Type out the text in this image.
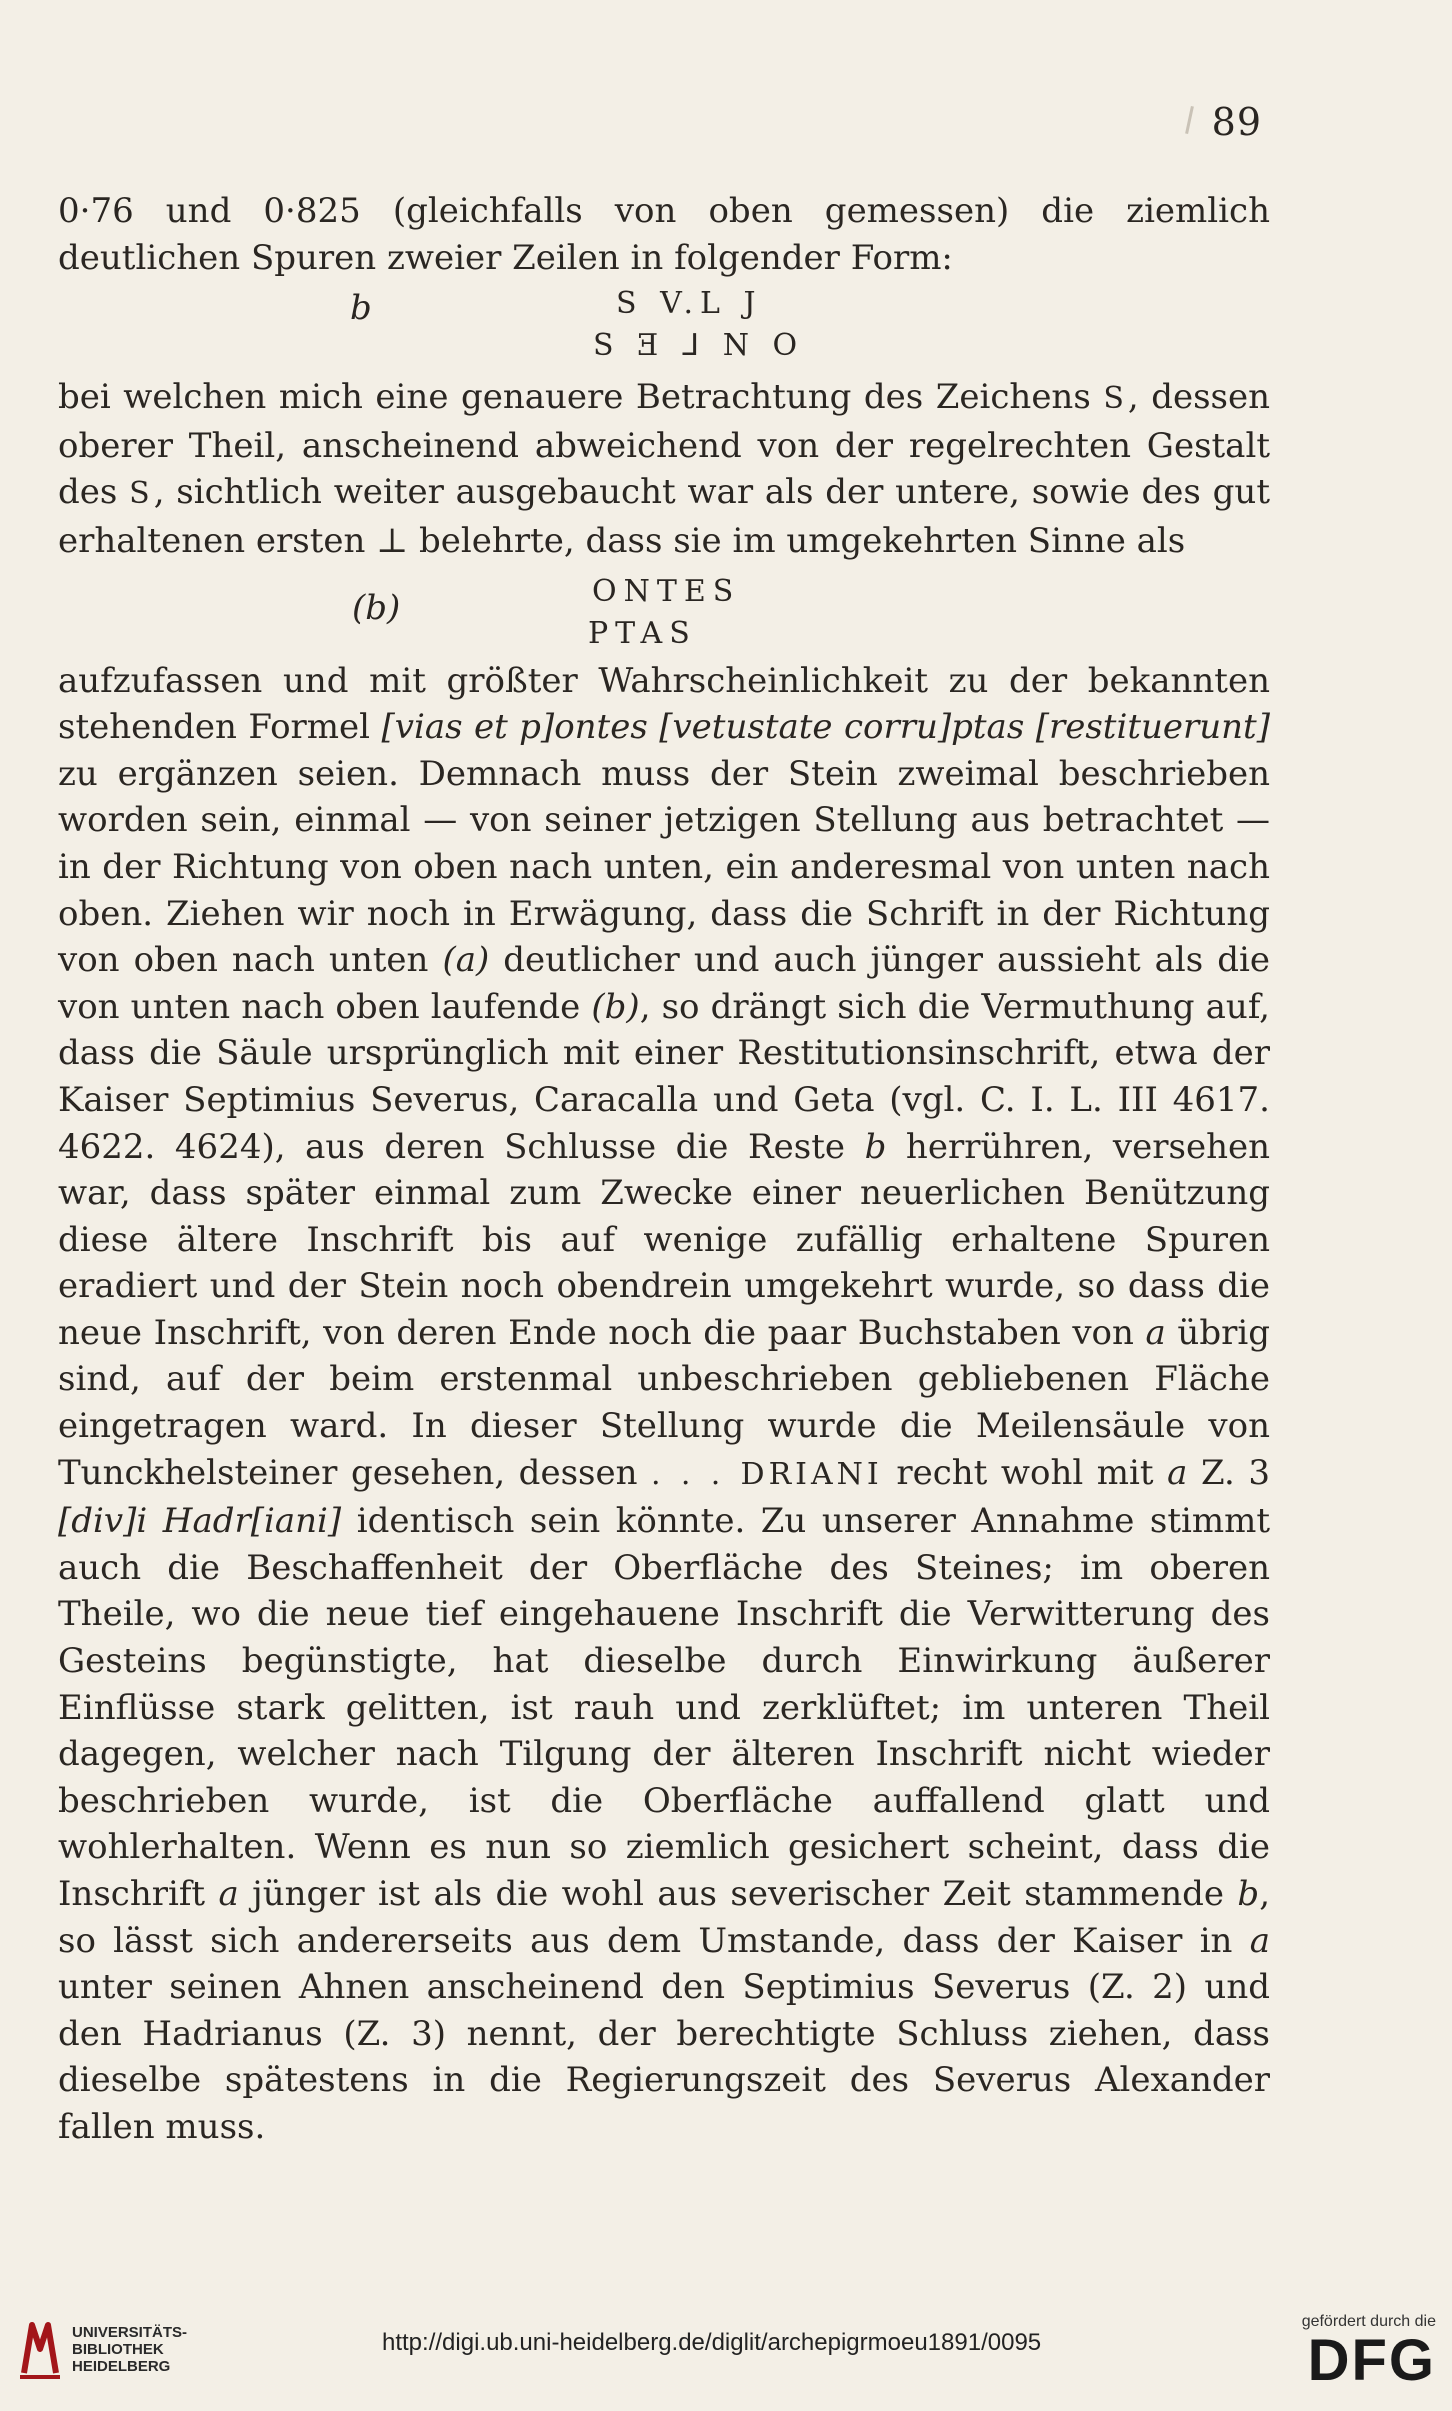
89

0·76 und 0·825 (gleichfalls von oben gemessen) die ziemlich deutlichen Spuren zweier Zeilen in folgender Form:

b	S V.L J
S Ǝ ⅃ N O

bei welchen mich eine genauere Betrachtung des Zeichens S, dessen oberer Theil, anscheinend abweichend von der regelrechten Gestalt des S, sichtlich weiter ausgebaucht war als der untere, sowie des gut erhaltenen ersten ⊥ belehrte, dass sie im umgekehrten Sinne als

(b)	ONTES
PTAS

aufzufassen und mit größter Wahrscheinlichkeit zu der bekannten stehenden Formel [vias et p]ontes [vetustate corru]ptas [restituerunt] zu ergänzen seien. Demnach muss der Stein zweimal beschrieben worden sein, einmal — von seiner jetzigen Stellung aus betrachtet — in der Richtung von oben nach unten, ein anderesmal von unten nach oben. Ziehen wir noch in Erwägung, dass die Schrift in der Richtung von oben nach unten (a) deutlicher und auch jünger aussieht als die von unten nach oben laufende (b), so drängt sich die Vermuthung auf, dass die Säule ursprünglich mit einer Restitutionsinschrift, etwa der Kaiser Septimius Severus, Caracalla und Geta (vgl. C. I. L. III 4617. 4622. 4624), aus deren Schlusse die Reste b herrühren, versehen war, dass später einmal zum Zwecke einer neuerlichen Benützung diese ältere Inschrift bis auf wenige zufällig erhaltene Spuren eradiert und der Stein noch obendrein umgekehrt wurde, so dass die neue Inschrift, von deren Ende noch die paar Buchstaben von a übrig sind, auf der beim erstenmal unbeschrieben gebliebenen Fläche eingetragen ward. In dieser Stellung wurde die Meilensäule von Tunckhelsteiner gesehen, dessen . . . DRIANI recht wohl mit a Z. 3 [div]i Hadr[iani] identisch sein könnte. Zu unserer Annahme stimmt auch die Beschaffenheit der Oberfläche des Steines; im oberen Theile, wo die neue tief eingehauene Inschrift die Verwitterung des Gesteins begünstigte, hat dieselbe durch Einwirkung äußerer Einflüsse stark gelitten, ist rauh und zerklüftet; im unteren Theil dagegen, welcher nach Tilgung der älteren Inschrift nicht wieder beschrieben wurde, ist die Oberfläche auffallend glatt und wohlerhalten. Wenn es nun so ziemlich gesichert scheint, dass die Inschrift a jünger ist als die wohl aus severischer Zeit stammende b, so lässt sich andererseits aus dem Umstande, dass der Kaiser in a unter seinen Ahnen anscheinend den Septimius Severus (Z. 2) und den Hadrianus (Z. 3) nennt, der berechtigte Schluss ziehen, dass dieselbe spätestens in die Regierungszeit des Severus Alexander fallen muss.

UNIVERSITÄTS-
BIBLIOTHEK
HEIDELBERG
http://digi.ub.uni-heidelberg.de/diglit/archepigrmoeu1891/0095
gefördert durch die
DFG
